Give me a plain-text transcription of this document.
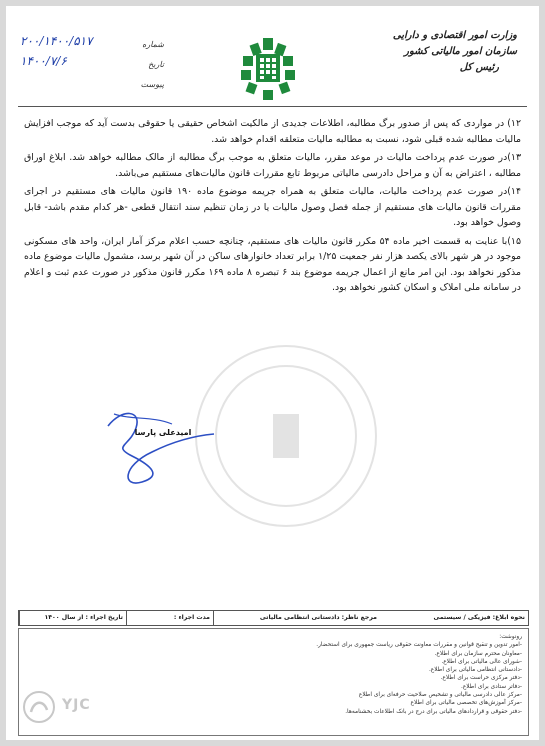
وزارت امور اقتصادی و دارایی
سازمان امور مالیاتی کشور
رئیس کل
شماره
۲۰۰/۱۴۰۰/۵۱۷
تاریخ
۱۴۰۰/۷/۶
پیوست

۱۲) در مواردی که پس از صدور برگ مطالبه، اطلاعات جدیدی از مالکیت اشخاص حقیقی یا حقوقی بدست آید که موجب افزایش مالیات مطالبه شده قبلی شود، نسبت به مطالبه مالیات متعلقه اقدام خواهد شد.

۱۳)در صورت عدم پرداخت مالیات در موعد مقرر، مالیات متعلق به موجب برگ مطالبه از مالک مطالبه خواهد شد. ابلاغ اوراق مطالبه ، اعتراض به آن و مراحل دادرسی مالیاتی مربوط تابع مقررات قانون مالیات‌های مستقیم می‌باشد.

۱۴)در صورت عدم پرداخت مالیات، مالیات متعلق به همراه جریمه موضوع ماده ۱۹۰ قانون مالیات های مستقیم در اجرای مقررات قانون مالیات های مستقیم از جمله فصل وصول مالیات یا در زمان تنظیم سند انتقال قطعی -هر کدام مقدم باشد- قابل وصول خواهد بود.

۱۵)با عنایت به قسمت اخیر ماده ۵۴ مکرر قانون مالیات های مستقیم، چنانچه حسب اعلام مرکز آمار ایران، واحد های مسکونی موجود در هر شهر بالای یکصد هزار نفر جمعیت ۱/۲۵ برابر تعداد خانوارهای ساکن در آن شهر برسد، مشمول مالیات موضوع ماده مذکور نخواهد بود. این امر مانع از اعمال جریمه موضوع بند ۶ تبصره ۸ ماده ۱۶۹ مکرر قانون مذکور در صورت عدم ثبت و اعلام در سامانه ملی املاک و اسکان کشور نخواهد بود.

امیدعلی پارسا
تاریخ اجراء : از سال ۱۴۰۰	مدت اجراء :	مرجع ناظر: دادستانی انتظامی مالیاتی	نحوه ابلاغ: فیزیکی / سیستمی
رونوشت:
-امور تدوین و تنقیح قوانین و مقررات معاونت حقوقی ریاست جمهوری برای استحضار.
-معاونان محترم سازمان برای اطلاع.
-شورای عالی مالیاتی برای اطلاع.
-دادستانی انتظامی مالیاتی برای اطلاع.
-دفتر مرکزی حراست برای اطلاع.
-دفاتر ستادی برای اطلاع.
-مرکز عالی دادرسی مالیاتی و تشخیص صلاحیت حرفه‌ای برای اطلاع
-مرکز آموزش‌های تخصصی مالیاتی برای اطلاع
-دفتر حقوقی و قراردادهای مالیاتی برای درج در بانک اطلاعات بخشنامه‌ها.
YJC
